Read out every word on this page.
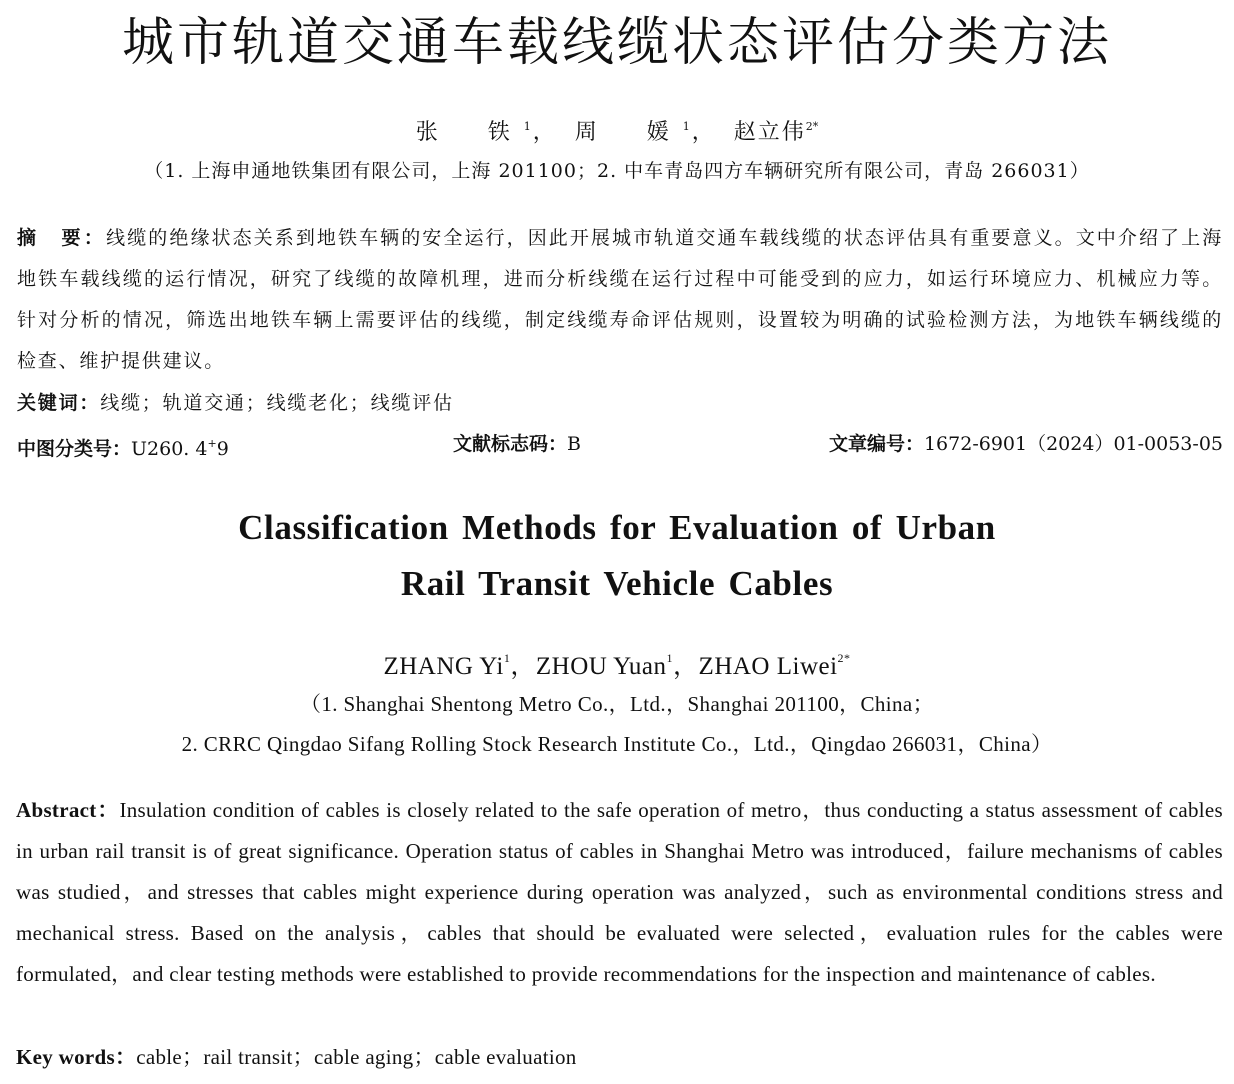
城市轨道交通车载线缆状态评估分类方法
张　铁$^1$， 周　媛$^1$， 赵立伟$^{2*}$
（1. 上海申通地铁集团有限公司，上海 201100；2. 中车青岛四方车辆研究所有限公司，青岛 266031）
摘　要：线缆的绝缘状态关系到地铁车辆的安全运行，因此开展城市轨道交通车载线缆的状态评估具有重要意义。文中介绍了上海地铁车载线缆的运行情况，研究了线缆的故障机理，进而分析线缆在运行过程中可能受到的应力，如运行环境应力、机械应力等。针对分析的情况，筛选出地铁车辆上需要评估的线缆，制定线缆寿命评估规则，设置较为明确的试验检测方法，为地铁车辆线缆的检查、维护提供建议。
关键词：线缆；轨道交通；线缆老化；线缆评估
中图分类号：U260. 4+9	文献标志码：B	文章编号：1672-6901（2024）01-0053-05
Classification Methods for Evaluation of Urban
Rail Transit Vehicle Cables
ZHANG Yi$^1$，ZHOU Yuan$^1$，ZHAO Liwei$^{2*}$
（1. Shanghai Shentong Metro Co.，Ltd.，Shanghai 201100，China；
2. CRRC Qingdao Sifang Rolling Stock Research Institute Co.，Ltd.，Qingdao 266031，China）
Abstract：Insulation condition of cables is closely related to the safe operation of metro，thus conducting a status assessment of cables in urban rail transit is of great significance. Operation status of cables in Shanghai Metro was introduced，failure mechanisms of cables was studied，and stresses that cables might experience during operation was analyzed，such as environmental conditions stress and mechanical stress. Based on the analysis，cables that should be evaluated were selected，evaluation rules for the cables were formulated，and clear testing methods were established to provide recommendations for the inspection and maintenance of cables.
Key words：cable；rail transit；cable aging；cable evaluation
